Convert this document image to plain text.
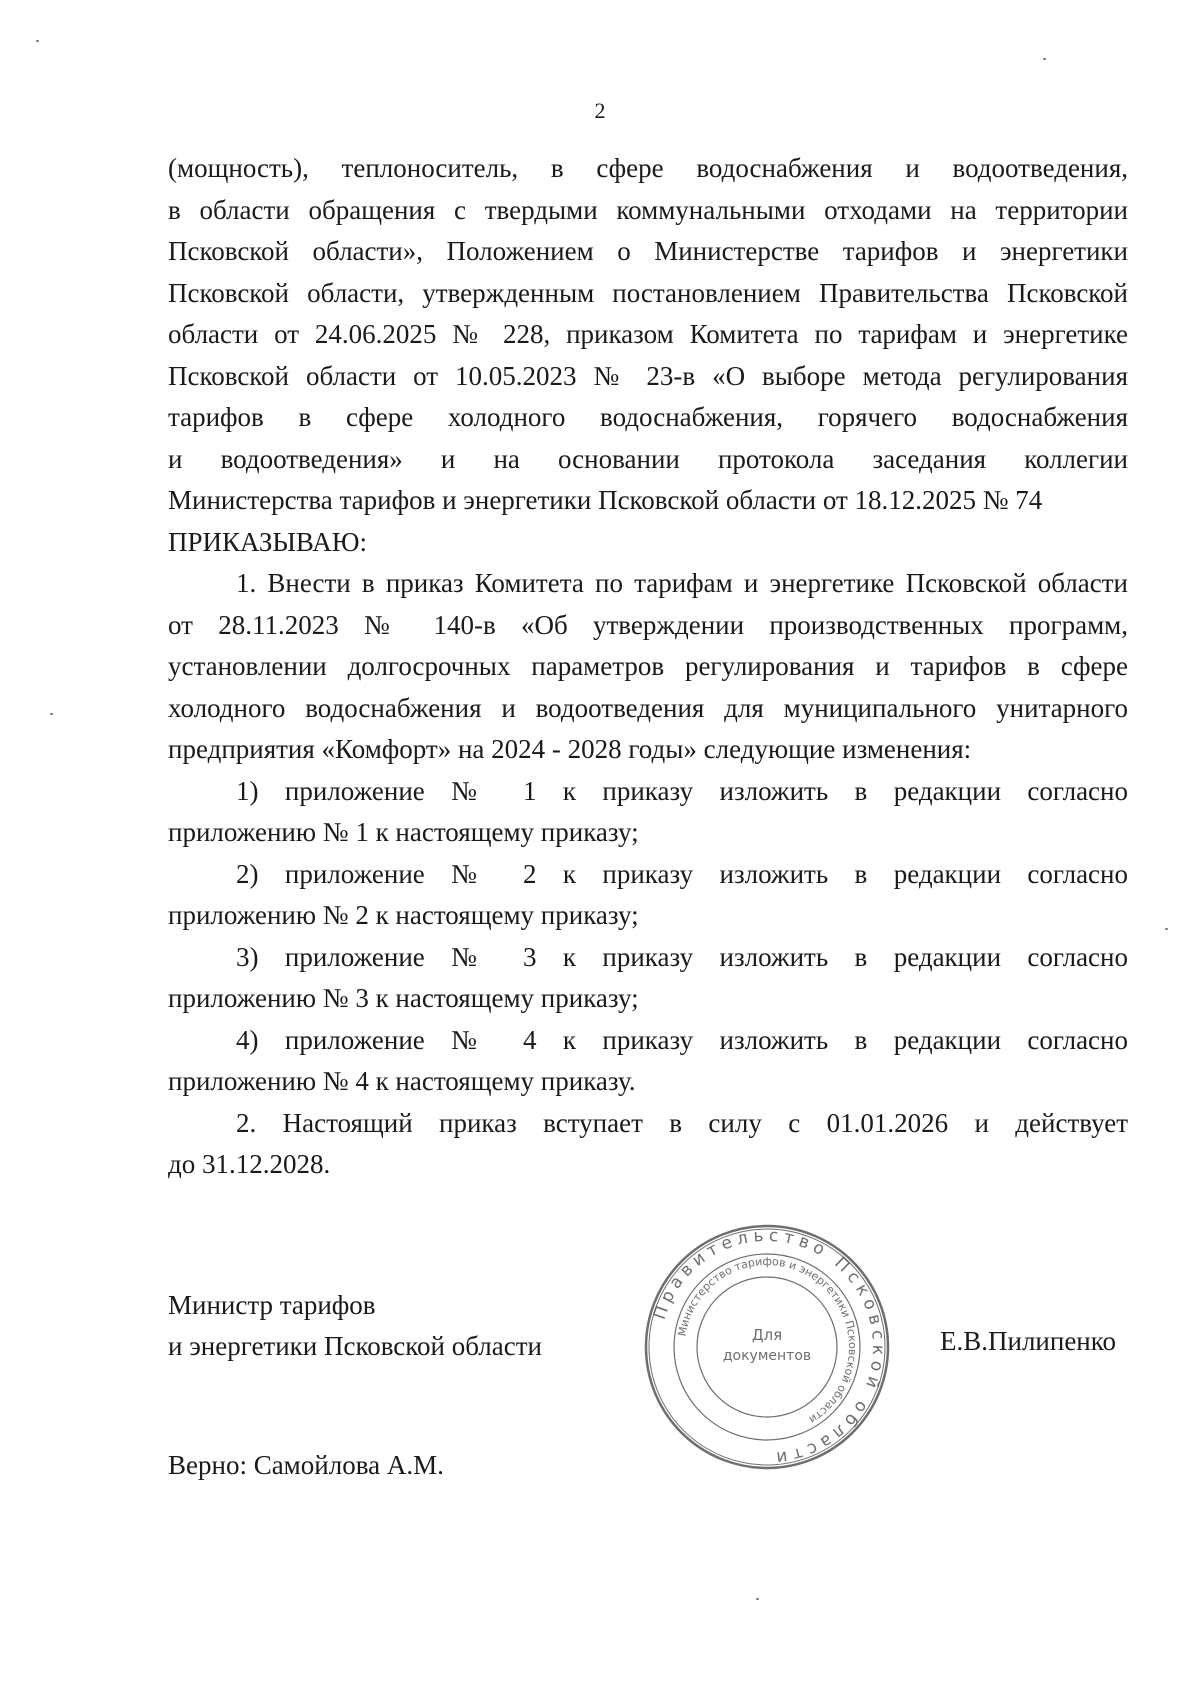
2

(мощность), теплоноситель, в сфере водоснабжения и водоотведения,

в области обращения с твердыми коммунальными отходами на территории

Псковской области», Положением о Министерстве тарифов и энергетики

Псковской области, утвержденным постановлением Правительства Псковской

области от 24.06.2025 № 228, приказом Комитета по тарифам и энергетике

Псковской области от 10.05.2023 № 23-в «О выборе метода регулирования

тарифов в сфере холодного водоснабжения, горячего водоснабжения

и водоотведения» и на основании протокола заседания коллегии

Министерства тарифов и энергетики Псковской области от 18.12.2025 № 74

ПРИКАЗЫВАЮ:

1. Внести в приказ Комитета по тарифам и энергетике Псковской области

от 28.11.2023 № 140-в «Об утверждении производственных программ,

установлении долгосрочных параметров регулирования и тарифов в сфере

холодного водоснабжения и водоотведения для муниципального унитарного

предприятия «Комфорт» на 2024 - 2028 годы» следующие изменения:

1) приложение № 1 к приказу изложить в редакции согласно

приложению № 1 к настоящему приказу;

2) приложение № 2 к приказу изложить в редакции согласно

приложению № 2 к настоящему приказу;

3) приложение № 3 к приказу изложить в редакции согласно

приложению № 3 к настоящему приказу;

4) приложение № 4 к приказу изложить в редакции согласно

приложению № 4 к настоящему приказу.

2. Настоящий приказ вступает в силу с 01.01.2026 и действует

до 31.12.2028.

Министр тарифов
и энергетики Псковской области
Правительство Псковской области
Министерство тарифов и энергетики Псковской области
Для
документов	Е.В.Пилипенко
Верно: Самойлова А.М.
